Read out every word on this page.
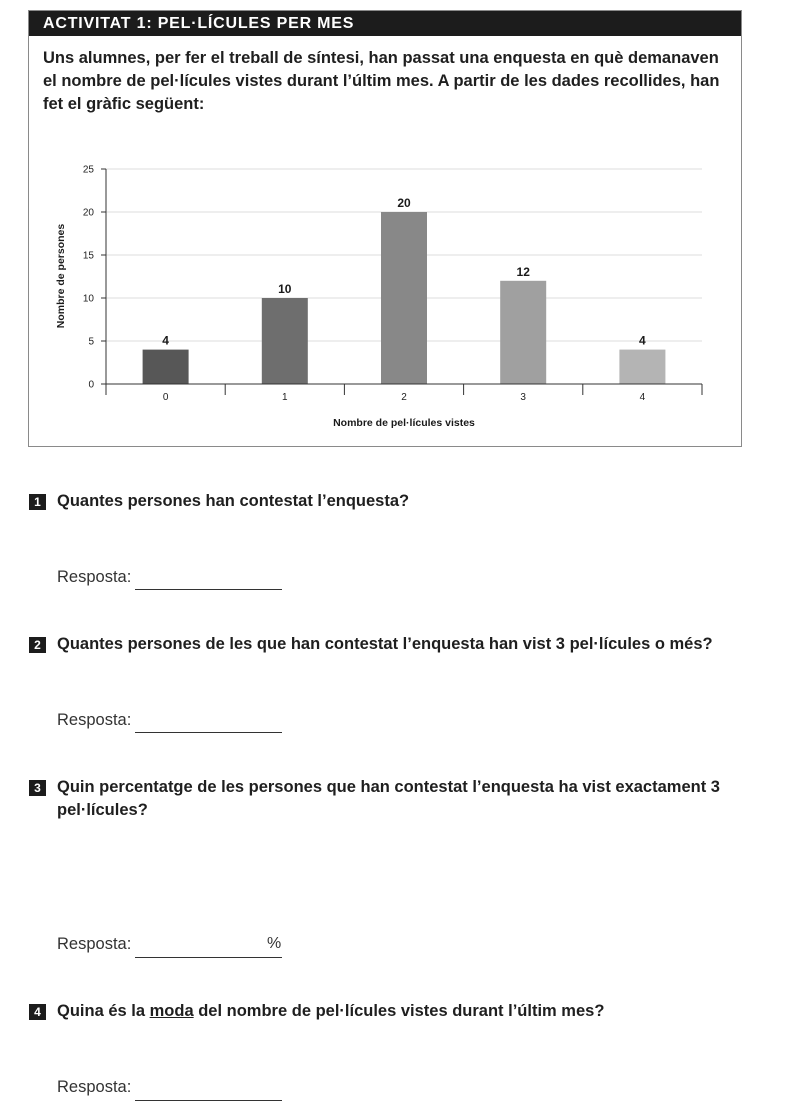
ACTIVITAT 1: PEL·LÍCULES PER MES
Uns alumnes, per fer el treball de síntesi, han passat una enquesta en què demanaven el nombre de pel·lícules vistes durant l’últim mes. A partir de les dades recollides, han fet el gràfic següent:
0
5
10
15
20
25
4
0
10
1
20
2
12
3
4
4
Nombre de pel·lícules vistes
Nombre de persones
1 Quantes persones han contestat l’enquesta?
Resposta:
2 Quantes persones de les que han contestat l’enquesta han vist 3 pel·lícules o més?
Resposta:
3 Quin percentatge de les persones que han contestat l’enquesta ha vist exactament 3 pel·lícules?
Resposta:	%
4 Quina és la moda del nombre de pel·lícules vistes durant l’últim mes?
Resposta:
